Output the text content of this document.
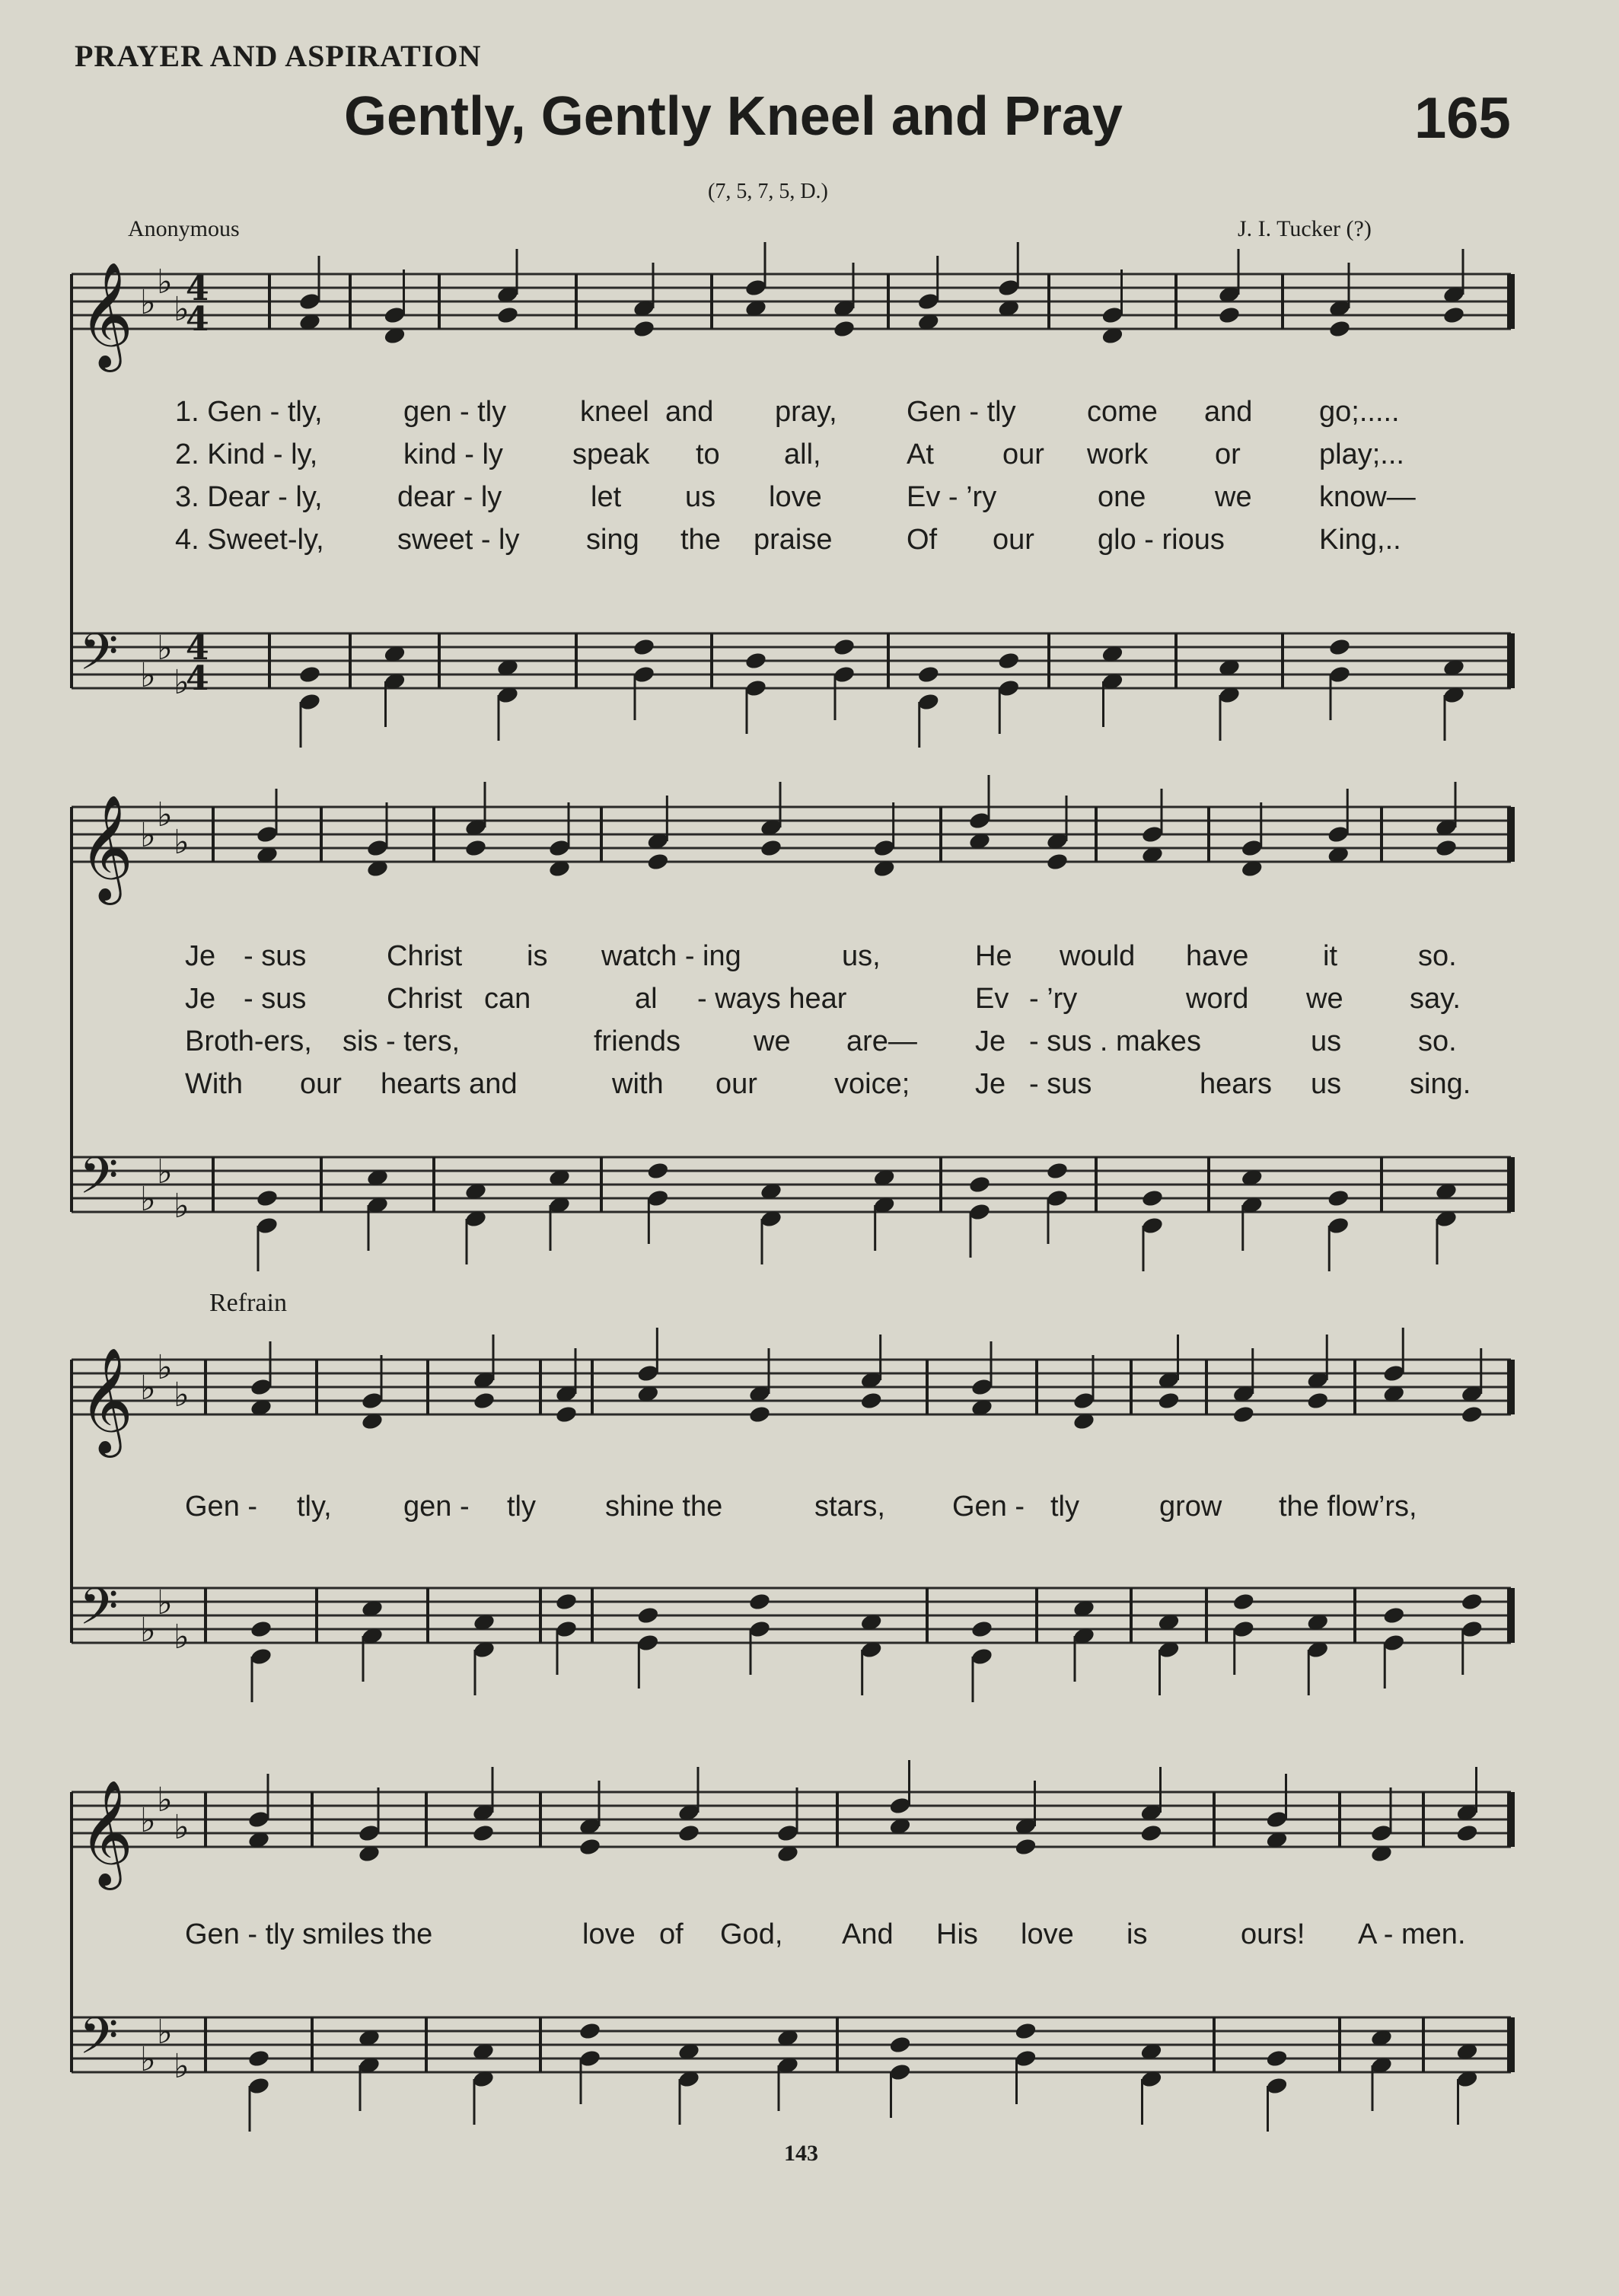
PRAYER AND ASPIRATION
Gently, Gently Kneel and Pray	165
(7, 5, 7, 5, D.)
Anonymous	J. I. Tucker (?)
Refrain
143
𝄞 ♭
♭
♭
𝄢 ♭
♭
♭
𝄞 ♭
♭
♭
𝄢 ♭
♭
♭
𝄞 ♭
♭
♭
𝄢 ♭
♭
♭
𝄞 ♭
♭
♭
𝄢 ♭
♭
♭
4
4
4
4
1. Gen - tly,	gen - tly	kneel and pray, Gen - tly come and go;.....
2. Kind - ly,	kind - ly speak to all,	At our work or	play;...
3. Dear - ly,	dear - ly	let us love	Ev - ’ry	one we know—
4. Sweet-ly,	sweet - ly sing the praise	Of our glo - rious	King,..
Je - sus	Christ is watch - ing	us,	He would have	it	so.
Je - sus	Christ can	al - ways hear	Ev - ’ry	word we say.
Broth-ers, sis - ters,	friends	we are— Je - sus . makes	us	so.
With our hearts and	with our	voice; Je - sus	hears us sing.
Gen - tly, gen - tly shine the	stars, Gen - tly	grow the flow’rs,
Gen - tly smiles the	love of God, And His love is	ours! A - men.
